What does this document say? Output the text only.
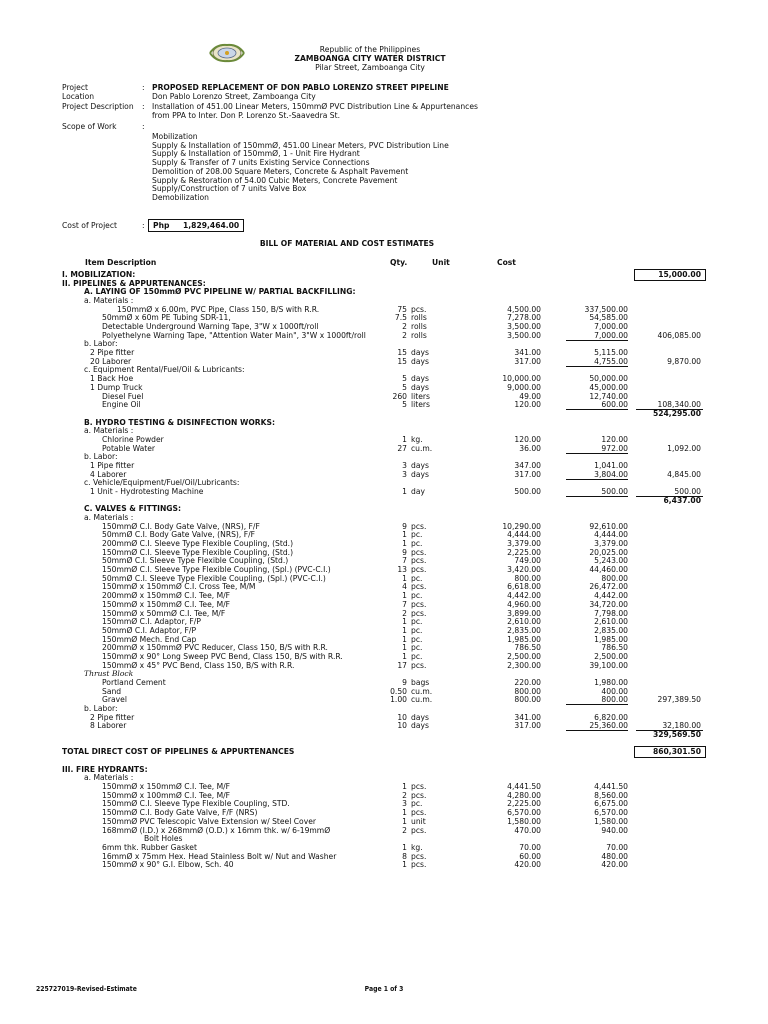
Republic of the Philippines
ZAMBOANGA CITY WATER DISTRICT
Pilar Street, Zamboanga City
Project	: PROPOSED REPLACEMENT OF DON PABLO LORENZO STREET PIPELINE
Location	Don Pablo Lorenzo Street, Zamboanga City
Project Description : Installation of 451.00 Linear Meters, 150mmØ PVC Distribution Line & Appurtenances
from PPA to Inter. Don P. Lorenzo St.-Saavedra St.
Scope of Work	:
Mobilization
Supply & Installation of 150mmØ, 451.00 Linear Meters, PVC Distribution Line
Supply & Installation of 150mmØ, 1 - Unit Fire Hydrant
Supply & Transfer of 7 units Existing Service Connections
Demolition of 208.00 Square Meters, Concrete & Asphalt Pavement
Supply & Restoration of 54.00 Cubic Meters, Concrete Pavement
Supply/Construction of 7 units Valve Box
Demobilization
Cost of Project	: Php 1,829,464.00
BILL OF MATERIAL AND COST ESTIMATES
Item Description	Qty.	Unit	Cost
I. MOBILIZATION:	15,000.00
II. PIPELINES & APPURTENANCES:
A. LAYING OF 150mmØ PVC PIPELINE W/ PARTIAL BACKFILLING:
a. Materials :
150mmØ x 6.00m, PVC Pipe, Class 150, B/S with R.R.	75 pcs.	4,500.00	337,500.00
50mmØ x 60m PE Tubing SDR-11,	7.5 rolls	7,278.00	54,585.00
Detectable Underground Warning Tape, 3"W x 1000ft/roll	2 rolls	3,500.00	7,000.00
Polyethelyne Warning Tape, "Attention Water Main", 3"W x 1000ft/roll	2 rolls	3,500.00	7,000.00	406,085.00
b. Labor:
2 Pipe fitter	15 days	341.00	5,115.00
20 Laborer	15 days	317.00	4,755.00	9,870.00
c. Equipment Rental/Fuel/Oil & Lubricants:
1 Back Hoe	5 days	10,000.00	50,000.00
1 Dump Truck	5 days	9,000.00	45,000.00
Diesel Fuel	260 liters	49.00	12,740.00
Engine Oil	5 liters	120.00	600.00	108,340.00
524,295.00
B. HYDRO TESTING & DISINFECTION WORKS:
a. Materials :
Chlorine Powder	1 kg.	120.00	120.00
Potable Water	27 cu.m.	36.00	972.00	1,092.00
b. Labor:
1 Pipe fitter	3 days	347.00	1,041.00
4 Laborer	3 days	317.00	3,804.00	4,845.00
c. Vehicle/Equipment/Fuel/Oil/Lubricants:
1 Unit - Hydrotesting Machine	1 day	500.00	500.00	500.00
6,437.00
C. VALVES & FITTINGS:
a. Materials :
150mmØ C.I. Body Gate Valve, (NRS), F/F	9 pcs.	10,290.00	92,610.00
50mmØ C.I. Body Gate Valve, (NRS), F/F	1 pc.	4,444.00	4,444.00
200mmØ C.I. Sleeve Type Flexible Coupling, (Std.)	1 pc.	3,379.00	3,379.00
150mmØ C.I. Sleeve Type Flexible Coupling, (Std.)	9 pcs.	2,225.00	20,025.00
50mmØ C.I. Sleeve Type Flexible Coupling, (Std.)	7 pcs.	749.00	5,243.00
150mmØ C.I. Sleeve Type Flexible Coupling, (Spl.) (PVC-C.I.)	13 pcs.	3,420.00	44,460.00
50mmØ C.I. Sleeve Type Flexible Coupling, (Spl.) (PVC-C.I.)	1 pc.	800.00	800.00
150mmØ x 150mmØ C.I. Cross Tee, M/M	4 pcs.	6,618.00	26,472.00
200mmØ x 150mmØ C.I. Tee, M/F	1 pc.	4,442.00	4,442.00
150mmØ x 150mmØ C.I. Tee, M/F	7 pcs.	4,960.00	34,720.00
150mmØ x 50mmØ C.I. Tee, M/F	2 pcs.	3,899.00	7,798.00
150mmØ C.I. Adaptor, F/P	1 pc.	2,610.00	2,610.00
50mmØ C.I. Adaptor, F/P	1 pc.	2,835.00	2,835.00
150mmØ Mech. End Cap	1 pc.	1,985.00	1,985.00
200mmØ x 150mmØ PVC Reducer, Class 150, B/S with R.R.	1 pc.	786.50	786.50
150mmØ x 90° Long Sweep PVC Bend, Class 150, B/S with R.R.	1 pc.	2,500.00	2,500.00
150mmØ x 45° PVC Bend, Class 150, B/S with R.R.	17 pcs.	2,300.00	39,100.00
Thrust Block
Portland Cement	9 bags	220.00	1,980.00
Sand	0.50 cu.m.	800.00	400.00
Gravel	1.00 cu.m.	800.00	800.00	297,389.50
b. Labor:
2 Pipe fitter	10 days	341.00	6,820.00
8 Laborer	10 days	317.00	25,360.00	32,180.00
329,569.50
TOTAL DIRECT COST OF PIPELINES & APPURTENANCES	860,301.50
III. FIRE HYDRANTS:
a. Materials :
150mmØ x 150mmØ C.I. Tee, M/F	1 pcs.	4,441.50	4,441.50
150mmØ x 100mmØ C.I. Tee, M/F	2 pcs.	4,280.00	8,560.00
150mmØ C.I. Sleeve Type Flexible Coupling, STD.	3 pc.	2,225.00	6,675.00
150mmØ C.I. Body Gate Valve, F/F (NRS)	1 pcs.	6,570.00	6,570.00
150mmØ PVC Telescopic Valve Extension w/ Steel Cover	1 unit	1,580.00	1,580.00
168mmØ (I.D.) x 268mmØ (O.D.) x 16mm thk. w/ 6-19mmØ	2 pcs.	470.00	940.00
Bolt Holes
6mm thk. Rubber Gasket	1 kg.	70.00	70.00
16mmØ x 75mm Hex. Head Stainless Bolt w/ Nut and Washer	8 pcs.	60.00	480.00
150mmØ x 90° G.I. Elbow, Sch. 40	1 pcs.	420.00	420.00
225727019-Revised-Estimate	Page 1 of 3
